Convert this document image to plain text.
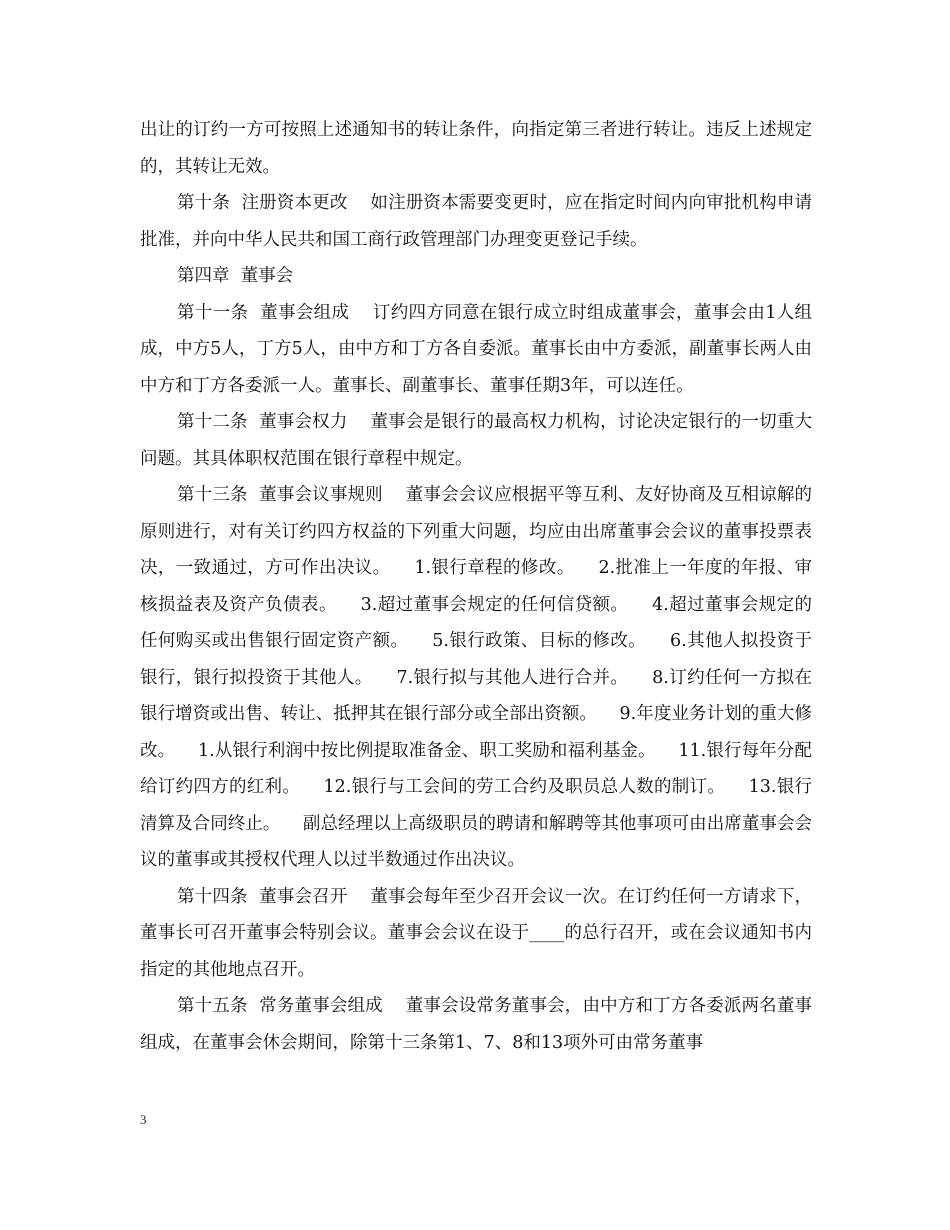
出让的订约一方可按照上述通知书的转让条件，向指定第三者进行转让。违反上述规定的，其转让无效。

第十条  注册资本更改    如注册资本需要变更时，应在指定时间内向审批机构申请批准，并向中华人民共和国工商行政管理部门办理变更登记手续。

第四章  董事会

第十一条  董事会组成    订约四方同意在银行成立时组成董事会，董事会由1人组成，中方5人，丁方5人，由中方和丁方各自委派。董事长由中方委派，副董事长两人由中方和丁方各委派一人。董事长、副董事长、董事任期3年，可以连任。

第十二条  董事会权力    董事会是银行的最高权力机构，讨论决定银行的一切重大问题。其具体职权范围在银行章程中规定。

第十三条  董事会议事规则    董事会会议应根据平等互利、友好协商及互相谅解的原则进行，对有关订约四方权益的下列重大问题，均应由出席董事会会议的董事投票表决，一致通过，方可作出决议。    1.银行章程的修改。    2.批准上一年度的年报、审核损益表及资产负债表。    3.超过董事会规定的任何信贷额。    4.超过董事会规定的任何购买或出售银行固定资产额。    5.银行政策、目标的修改。    6.其他人拟投资于银行，银行拟投资于其他人。    7.银行拟与其他人进行合并。    8.订约任何一方拟在银行增资或出售、转让、抵押其在银行部分或全部出资额。    9.年度业务计划的重大修改。    1.从银行利润中按比例提取准备金、职工奖励和福利基金。    11.银行每年分配给订约四方的红利。    12.银行与工会间的劳工合约及职员总人数的制订。    13.银行清算及合同终止。    副总经理以上高级职员的聘请和解聘等其他事项可由出席董事会会议的董事或其授权代理人以过半数通过作出决议。

第十四条  董事会召开    董事会每年至少召开会议一次。在订约任何一方请求下，董事长可召开董事会特别会议。董事会会议在设于____的总行召开，或在会议通知书内指定的其他地点召开。

第十五条  常务董事会组成    董事会设常务董事会，由中方和丁方各委派两名董事组成，在董事会休会期间，除第十三条第1、7、8和13项外可由常务董事

3
